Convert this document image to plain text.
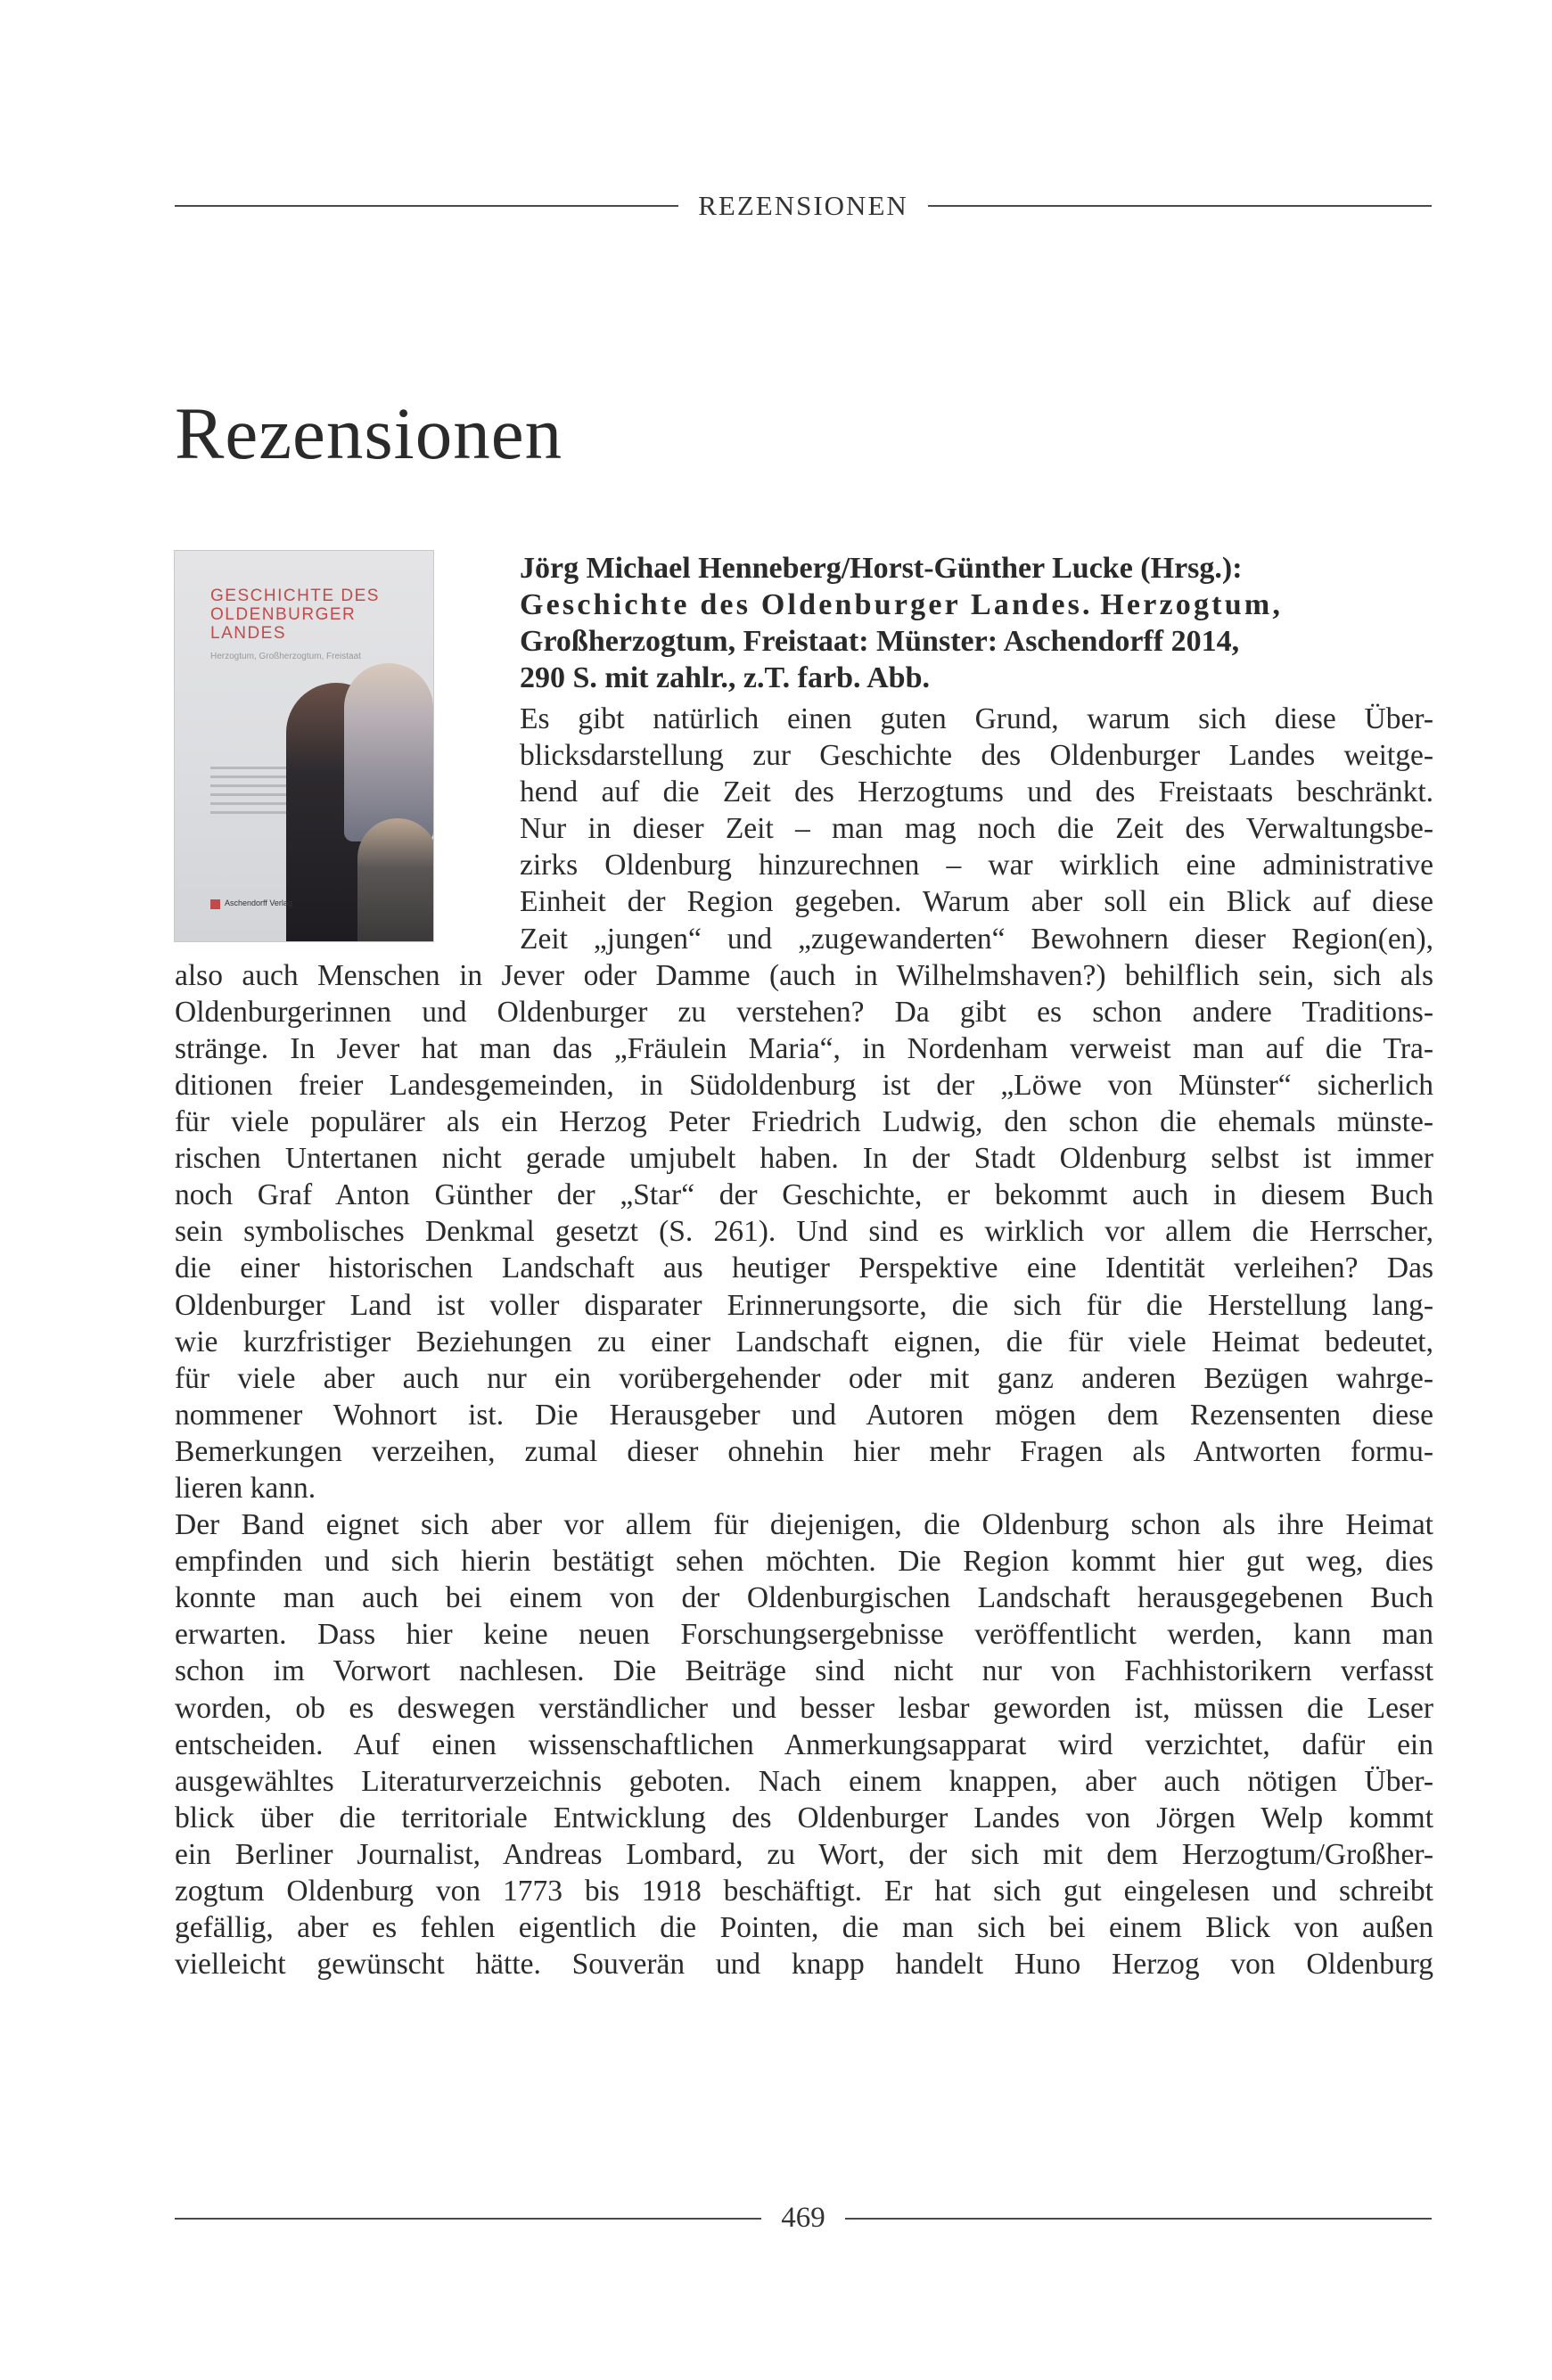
REZENSIONEN
Rezensionen
GESCHICHTE DES
OLDENBURGER
LANDES
Herzogtum, Großherzogtum, Freistaat
Aschendorff Verlag
Jörg Michael Henneberg/Horst-Günther Lucke (Hrsg.):
Geschichte des Oldenburger Landes. Herzogtum,
Großherzogtum, Freistaat: Münster: Aschendorff 2014,
290 S. mit zahlr., z.T. farb. Abb.
Es gibt natürlich einen guten Grund, warum sich diese Über-
blicksdarstellung zur Geschichte des Oldenburger Landes weitge-
hend auf die Zeit des Herzogtums und des Freistaats beschränkt.
Nur in dieser Zeit – man mag noch die Zeit des Verwaltungsbe-
zirks Oldenburg hinzurechnen – war wirklich eine administrative
Einheit der Region gegeben. Warum aber soll ein Blick auf diese
Zeit „jungen“ und „zugewanderten“ Bewohnern dieser Region(en),
also auch Menschen in Jever oder Damme (auch in Wilhelmshaven?) behilflich sein, sich als
Oldenburgerinnen und Oldenburger zu verstehen? Da gibt es schon andere Traditions-
stränge. In Jever hat man das „Fräulein Maria“, in Nordenham verweist man auf die Tra-
ditionen freier Landesgemeinden, in Südoldenburg ist der „Löwe von Münster“ sicherlich
für viele populärer als ein Herzog Peter Friedrich Ludwig, den schon die ehemals münste-
rischen Untertanen nicht gerade umjubelt haben. In der Stadt Oldenburg selbst ist immer
noch Graf Anton Günther der „Star“ der Geschichte, er bekommt auch in diesem Buch
sein symbolisches Denkmal gesetzt (S. 261). Und sind es wirklich vor allem die Herrscher,
die einer historischen Landschaft aus heutiger Perspektive eine Identität verleihen? Das
Oldenburger Land ist voller disparater Erinnerungsorte, die sich für die Herstellung lang-
wie kurzfristiger Beziehungen zu einer Landschaft eignen, die für viele Heimat bedeutet,
für viele aber auch nur ein vorübergehender oder mit ganz anderen Bezügen wahrge-
nommener Wohnort ist. Die Herausgeber und Autoren mögen dem Rezensenten diese
Bemerkungen verzeihen, zumal dieser ohnehin hier mehr Fragen als Antworten formu-
lieren kann.
Der Band eignet sich aber vor allem für diejenigen, die Oldenburg schon als ihre Heimat
empfinden und sich hierin bestätigt sehen möchten. Die Region kommt hier gut weg, dies
konnte man auch bei einem von der Oldenburgischen Landschaft herausgegebenen Buch
erwarten. Dass hier keine neuen Forschungsergebnisse veröffentlicht werden, kann man
schon im Vorwort nachlesen. Die Beiträge sind nicht nur von Fachhistorikern verfasst
worden, ob es deswegen verständlicher und besser lesbar geworden ist, müssen die Leser
entscheiden. Auf einen wissenschaftlichen Anmerkungsapparat wird verzichtet, dafür ein
ausgewähltes Literaturverzeichnis geboten. Nach einem knappen, aber auch nötigen Über-
blick über die territoriale Entwicklung des Oldenburger Landes von Jörgen Welp kommt
ein Berliner Journalist, Andreas Lombard, zu Wort, der sich mit dem Herzogtum/Großher-
zogtum Oldenburg von 1773 bis 1918 beschäftigt. Er hat sich gut eingelesen und schreibt
gefällig, aber es fehlen eigentlich die Pointen, die man sich bei einem Blick von außen
vielleicht gewünscht hätte. Souverän und knapp handelt Huno Herzog von Oldenburg
469
